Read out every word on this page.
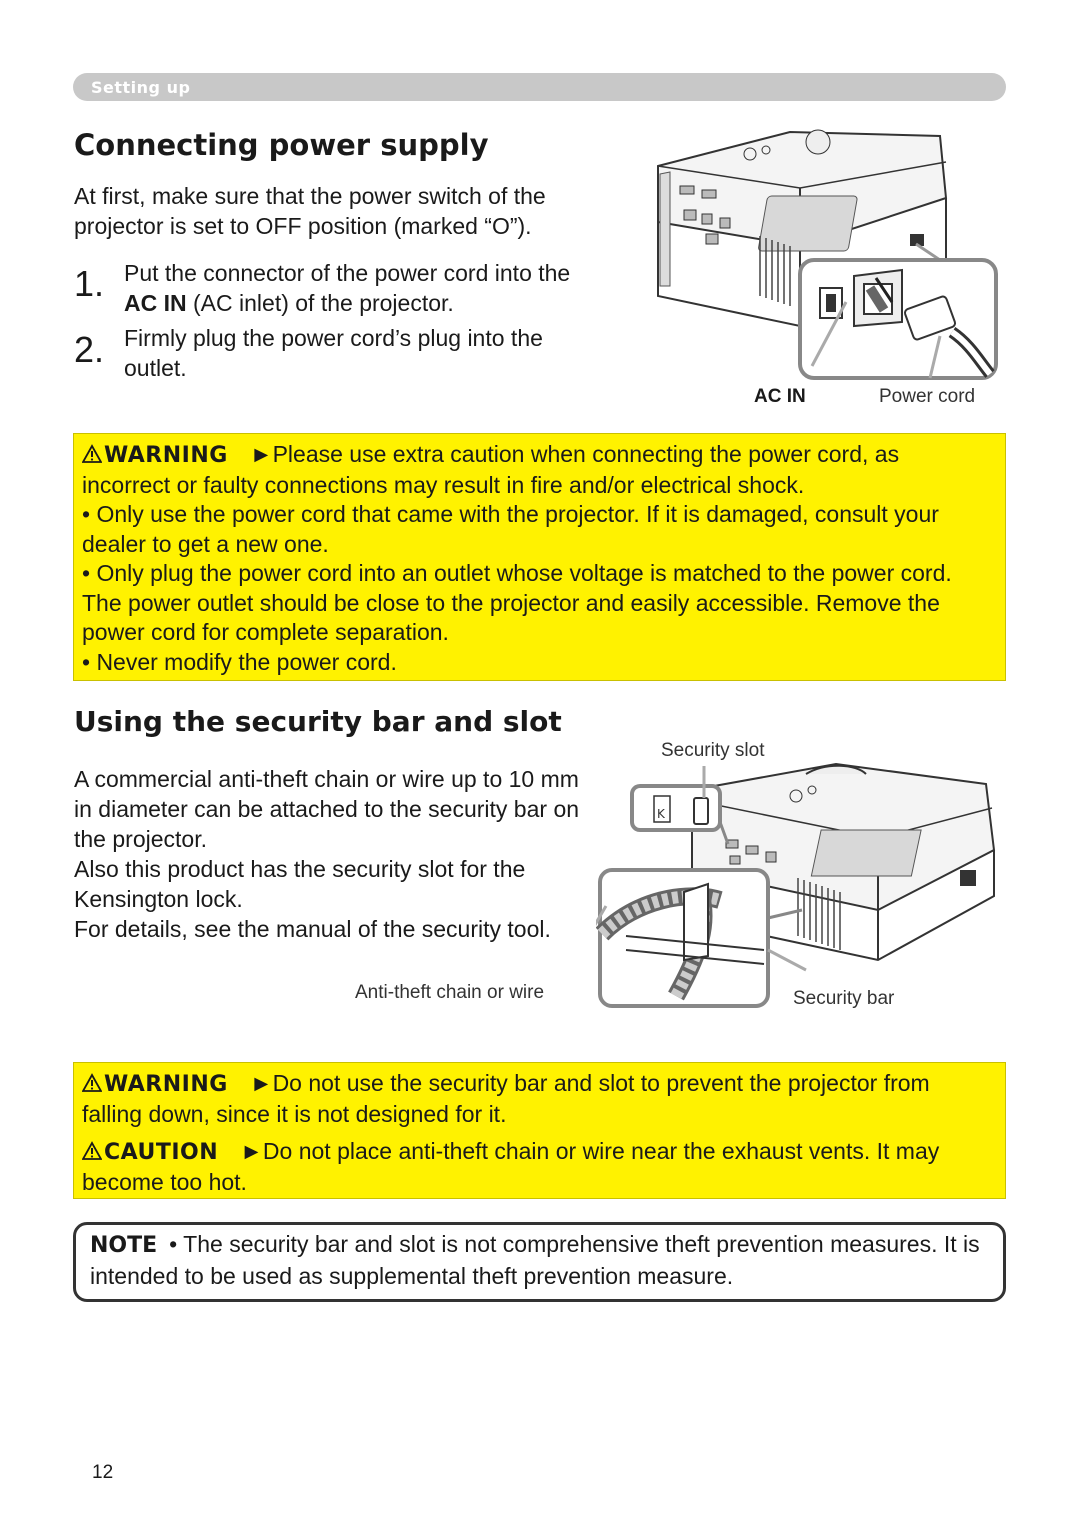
Setting up
Connecting power supply
At first, make sure that the power switch of the projector is set to OFF position (marked “O”).
1. Put the connector of the power cord into the
AC IN (AC inlet) of the projector.
2. Firmly plug the power cord’s plug into the
outlet.
AC IN	Power cord

WARNING ►Please use extra caution when connecting the power cord, as incorrect or faulty connections may result in fire and/or electrical shock.

• Only use the power cord that came with the projector. If it is damaged, consult your dealer to get a new one.

• Only plug the power cord into an outlet whose voltage is matched to the power cord. The power outlet should be close to the projector and easily accessible. Remove the power cord for complete separation.

• Never modify the power cord.

Using the security bar and slot
A commercial anti-theft chain or wire up to 10 mm in diameter can be attached to the security bar on the projector.
Also this product has the security slot for the Kensington lock.
For details, see the manual of the security tool.
K
Security slot
Anti-theft chain or wire	Security bar

WARNING ►Do not use the security bar and slot to prevent the projector from falling down, since it is not designed for it.

CAUTION ►Do not place anti-theft chain or wire near the exhaust vents. It may become too hot.

NOTE • The security bar and slot is not comprehensive theft prevention measures. It is intended to be used as supplemental theft prevention measure.
12
